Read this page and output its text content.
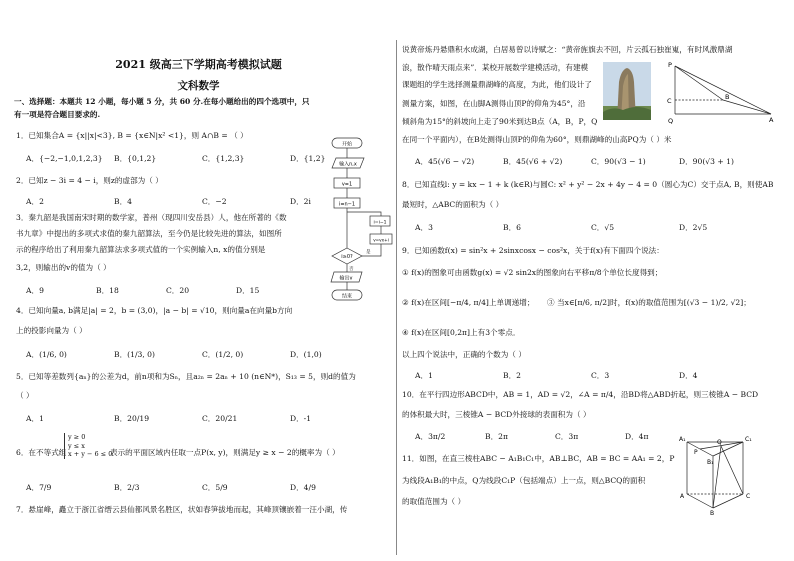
2021 级高三下学期高考模拟试题
文科数学
一、选择题：本题共 12 小题，每小题 5 分，共 60 分.在每小题给出的四个选项中，只
有一项是符合题目要求的.
1．已知集合A = {x||x|<3}, B = {x∈N|x² <1}，则 A∩B = （ ）
A．{−2,−1,0,1,2,3} B．{0,1,2}	C．{1,2,3}	D．{1,2}
2．已知z − 3i = 4 − i，则z的虚部为（ ）
A．2	B．4	C．−2	D．2i
3．秦九韶是我国南宋时期的数学家，普州（现四川安岳县）人，他在所著的《数
书九章》中提出的多项式求值的秦九韶算法，至今仍是比较先进的算法，如图所
示的程序给出了利用秦九韶算法求多项式值的一个实例输入n, x的值分别是
3,2，则输出的v的值为（ ）
A．9	B．18	C．20	D．15
开始
输入n,x
v=1
i=n−1
i≥0?
是
否
输出v
结束
i=i−1
v=vx+i
4．已知向量a, b满足|a| = 2，b = (3,0)，|a − b| = √10，则向量a在向量b方向
上的投影向量为（ ）
A．(1/6, 0)	B．(1/3, 0)	C．(1/2, 0)	D．(1,0)
5．已知等差数列{aₙ}的公差为d，前n项和为Sₙ，且a₂ₙ = 2aₙ + 10 (n∈N*)，S₁₃ = 5，则d的值为
（ ）
A．1	B．20/19	C．20/21	D．-1
6．在不等式组
y ≥ 0
y ≤ x
x + y − 6 ≤ 0
表示的平面区域内任取一点P(x, y)，则满足y ≥ x − 2的概率为（ ）
A．7/9	B．2/3	C．5/9	D．4/9
7．悬崖峰，矗立于浙江省缙云县仙都风景名胜区，状如春笋拔地而起，其峰顶镶嵌着一汪小湖，传
说黄帝炼丹悬鼎积水成湖，白居易曾以诗赋之：“黄帝旌旗去不回，片云孤石独崔嵬，有时风激鼎湖
浪，散作晴天雨点来”．某校开展数学建模活动，有建模
课题组的学生选择测量鼎湖峰的高度，为此，他们设计了
测量方案，如图，在山脚A测得山顶P的仰角为45°，沿
倾斜角为15°的斜坡向上走了90米到达B点（A，B，P，Q
在同一个平面内），在B处测得山顶P的仰角为60°，则鼎湖峰的山高PQ为（ ）米
P
Q
C	B
A
A．45(√6 − √2)	B．45(√6 + √2)	C．90(√3 − 1)	D．90(√3 + 1)
8．已知直线l: y = kx − 1 + k (k∈R)与圆C: x² + y² − 2x + 4y − 4 = 0（圆心为C）交于点A, B，则使AB
最短时，△ABC的面积为（ ）
A．3	B．6	C．√5	D．2√5
9．已知函数f(x) = sin²x + 2sinxcosx − cos²x，关于f(x)有下面四个说法：
① f(x)的图象可由函数g(x) = √2 sin2x的图象向右平移π/8个单位长度得到；
② f(x)在区间[−π/4, π/4]上单调递增； ③ 当x∈[π/6, π/2]时，f(x)的取值范围为[(√3 − 1)/2, √2]；
④ f(x)在区间[0,2π]上有3个零点．
以上四个说法中，正确的个数为（ ）
A．1	B．2	C．3	D．4
10．在平行四边形ABCD中，AB = 1，AD = √2，∠A = π/4，沿BD将△ABD折起，则三棱锥A − BCD
的体积最大时，三棱锥A − BCD外接球的表面积为（ ）
A．3π/2	B．2π	C．3π	D．4π
11．如图，在直三棱柱ABC − A₁B₁C₁中，AB⊥BC，AB = BC = AA₁ = 2，P
为线段A₁B₁的中点，Q为线段C₁P（包括端点）上一点，则△BCQ的面积
的取值范围为（ ）
A₁	C₁
B₁
P
Q
A	C
B
